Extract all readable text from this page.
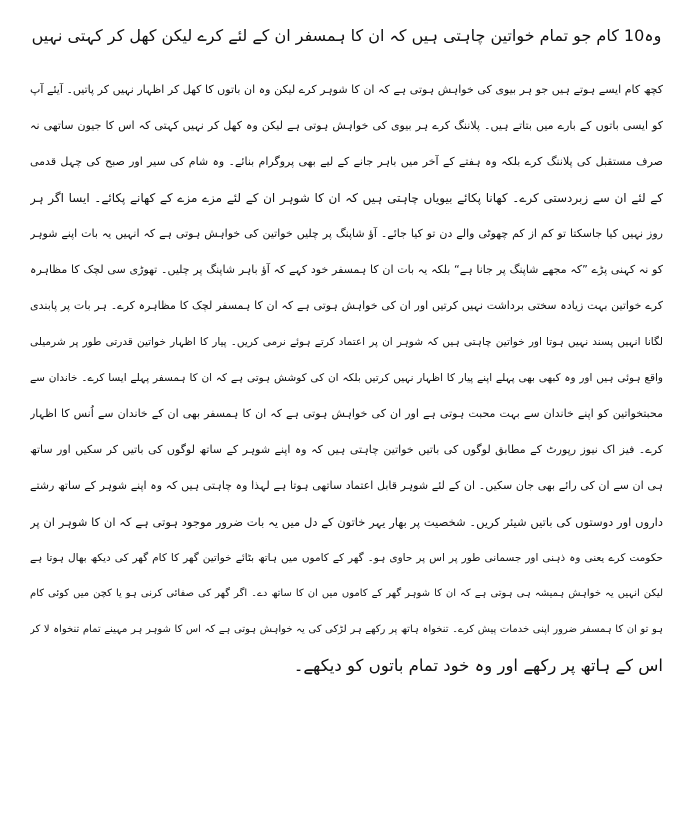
وہ10 کام جو تمام خواتین چاہتی ہیں کہ ان کا ہمسفر ان کے لئے کرے لیکن کھل کر کہتی نہیں
کچھ کام ایسے ہوتے ہیں جو ہر بیوی کی خواہش ہوتی ہے کہ ان کا شوہر کرے لیکن وہ ان باتوں کا کھل کر اظہار نہیں کر پاتیں۔ آیئے آپ
کو ایسی باتوں کے بارے میں بتاتے ہیں۔ پلاننگ کرے ہر بیوی کی خواہش ہوتی ہے لیکن وہ کھل کر نہیں کہتی کہ اس کا جیون ساتھی نہ
صرف مستقبل کی پلاننگ کرے بلکہ وہ ہفتے کے آخر میں باہر جانے کے لیے بھی پروگرام بنائے۔ وہ شام کی سیر اور صبح کی چہل قدمی
کے لئے ان سے زبردستی کرے۔ کھانا پکائے بیویاں چاہتی ہیں کہ ان کا شوہر ان کے لئے مزے مزے کے کھانے پکائے۔ ایسا اگر ہر
روز نہیں کیا جاسکتا تو کم از کم چھوٹی والے دن تو کیا جائے۔ آؤ شاپنگ پر چلیں خواتین کی خواہش ہوتی ہے کہ انہیں یہ بات اپنے شوہر
کو نہ کہنی پڑے ”کہ مجھے شاپنگ پر جانا ہے“ بلکہ یہ بات ان کا ہمسفر خود کہے کہ آؤ باہر شاپنگ پر چلیں۔ تھوڑی سی لچک کا مظاہرہ
کرے خواتین بہت زیادہ سختی برداشت نہیں کرتیں اور ان کی خواہش ہوتی ہے کہ ان کا ہمسفر لچک کا مظاہرہ کرے۔ ہر بات پر پابندی
لگانا انہیں پسند نہیں ہوتا اور خواتین چاہتی ہیں کہ شوہر ان پر اعتماد کرتے ہوئے نرمی کریں۔ پیار کا اظہار خواتین قدرتی طور پر شرمیلی
واقع ہوئی ہیں اور وہ کبھی بھی پہلے اپنے پیار کا اظہار نہیں کرتیں بلکہ ان کی کوشش ہوتی ہے کہ ان کا ہمسفر پہلے ایسا کرے۔ خاندان سے
محبتخواتین کو اپنے خاندان سے بہت محبت ہوتی ہے اور ان کی خواہش ہوتی ہے کہ ان کا ہمسفر بھی ان کے خاندان سے اُنس کا اظہار
کرے۔ فیز اک نیوز رپورٹ کے مطابق لوگوں کی باتیں خواتین چاہتی ہیں کہ وہ اپنے شوہر کے ساتھ لوگوں کی باتیں کر سکیں اور ساتھ
ہی ان سے ان کی رائے بھی جان سکیں۔ ان کے لئے شوہر قابل اعتماد ساتھی ہوتا ہے لہذا وہ چاہتی ہیں کہ وہ اپنے شوہر کے ساتھ رشتے
داروں اور دوستوں کی باتیں شیئر کریں۔ شخصیت پر بھار یہر خاتون کے دل میں یہ بات ضرور موجود ہوتی ہے کہ ان کا شوہر ان پر
حکومت کرے یعنی وہ ذہنی اور جسمانی طور پر اس پر حاوی ہو۔ گھر کے کاموں میں ہاتھ بٹائے خواتین گھر کا کام گھر کی دیکھ بھال ہوتا ہے
لیکن انہیں یہ خواہش ہمیشہ ہی ہوتی ہے کہ ان کا شوہر گھر کے کاموں میں ان کا ساتھ دے۔ اگر گھر کی صفائی کرنی ہو یا کچن میں کوئی کام
ہو تو ان کا ہمسفر ضرور اپنی خدمات پیش کرے۔ تنخواہ ہاتھ پر رکھے ہر لڑکی کی یہ خواہش ہوتی ہے کہ اس کا شوہر ہر مہینے تمام تنخواہ لا کر
اس کے ہاتھ پر رکھے اور وہ خود تمام باتوں کو دیکھے۔
